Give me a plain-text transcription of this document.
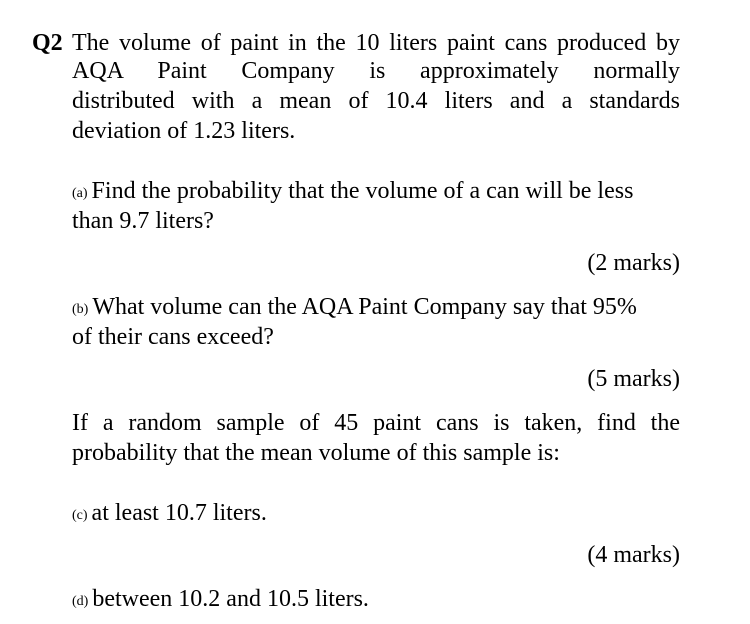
Q2 The volume of paint in the 10 liters paint cans produced by
AQA Paint Company is approximately normally
distributed with a mean of 10.4 liters and a standards
deviation of 1.23 liters.
(a) Find the probability that the volume of a can will be less
than 9.7 liters?
(2 marks)
(b) What volume can the AQA Paint Company say that 95%
of their cans exceed?
(5 marks)
If a random sample of 45 paint cans is taken, find the
probability that the mean volume of this sample is:
(c) at least 10.7 liters.
(4 marks)
(d) between 10.2 and 10.5 liters.
